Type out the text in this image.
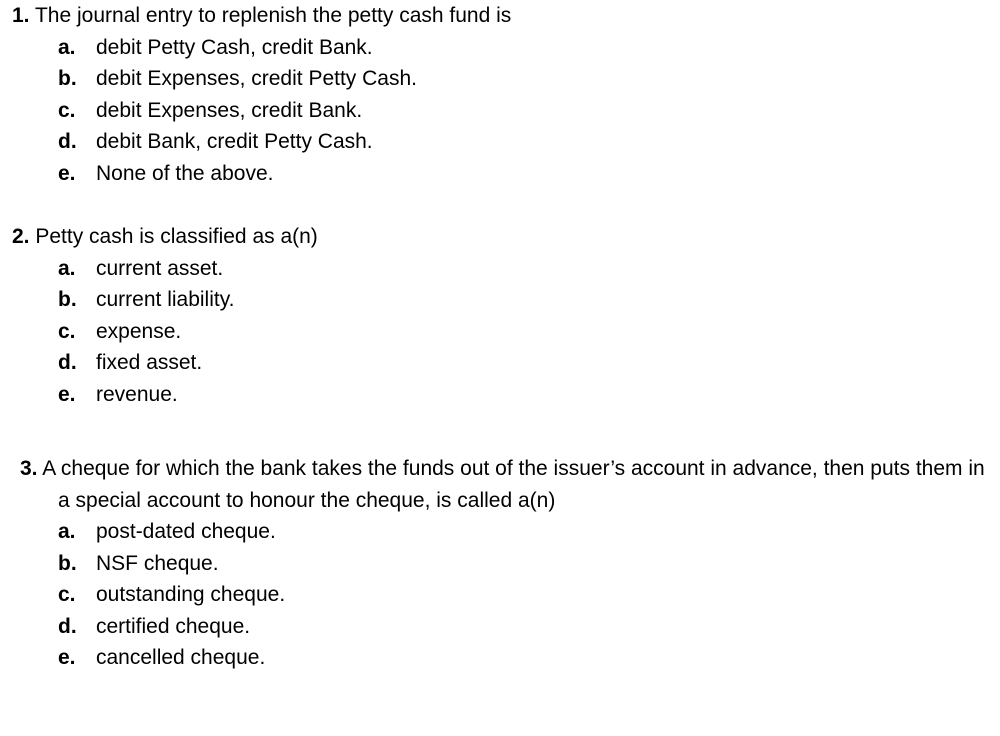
1. The journal entry to replenish the petty cash fund is
a. debit Petty Cash, credit Bank.
b. debit Expenses, credit Petty Cash.
c. debit Expenses, credit Bank.
d. debit Bank, credit Petty Cash.
e. None of the above.
2. Petty cash is classified as a(n)
a. current asset.
b. current liability.
c. expense.
d. fixed asset.
e. revenue.
3. A cheque for which the bank takes the funds out of the issuer’s account in advance, then puts them in a special account to honour the cheque, is called a(n)
a. post-dated cheque.
b. NSF cheque.
c. outstanding cheque.
d. certified cheque.
e. cancelled cheque.
